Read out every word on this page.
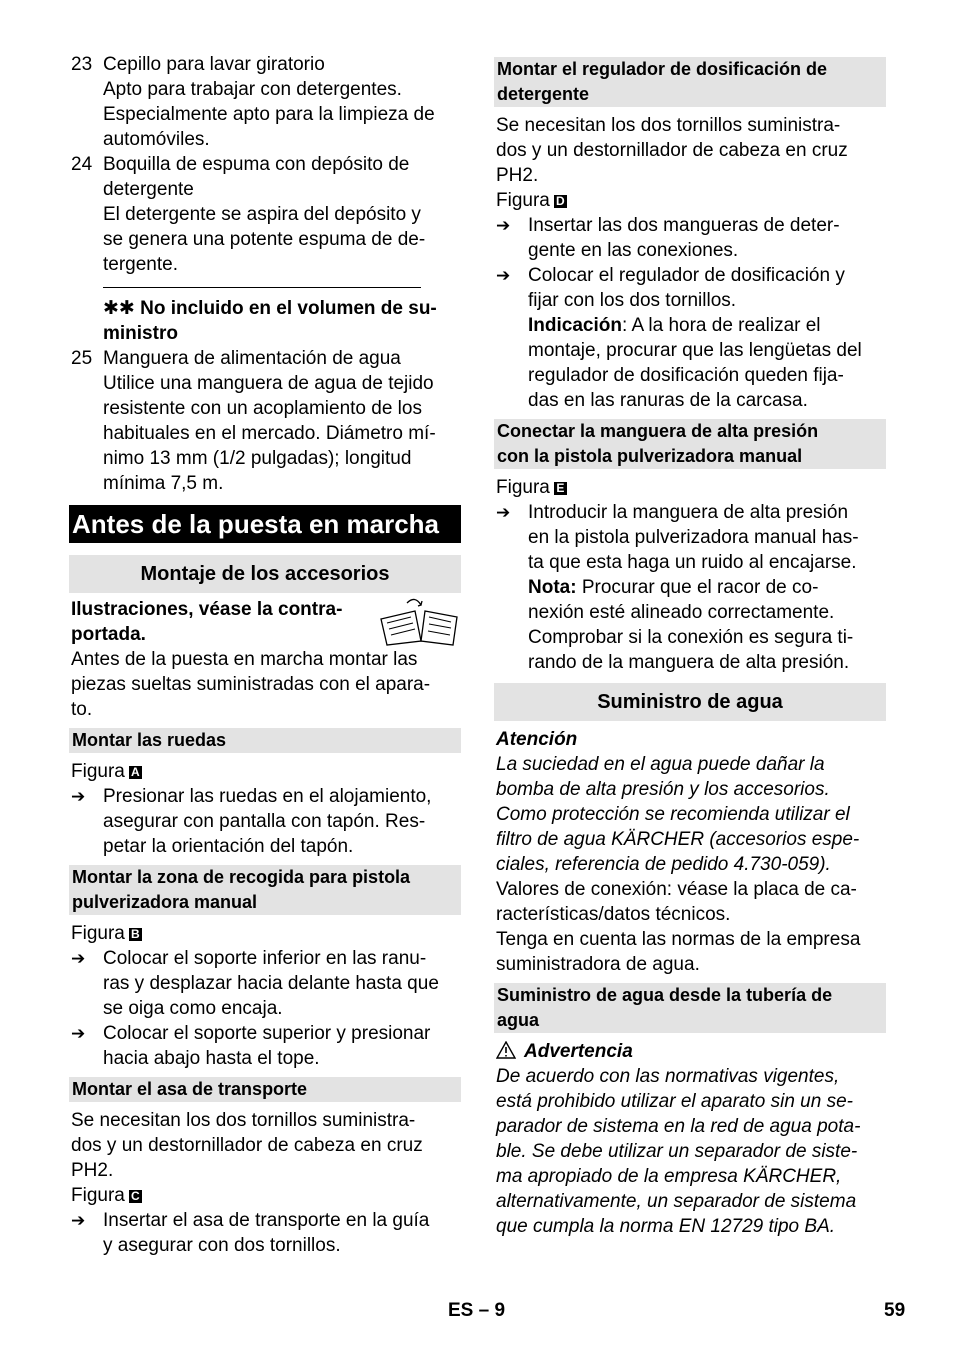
23 Cepillo para lavar giratorio

Apto para trabajar con detergentes.

Especialmente apto para la limpieza de

automóviles.

24 Boquilla de espuma con depósito de

detergente

El detergente se aspira del depósito y

se genera una potente espuma de de-

tergente.

✱✱ No incluido en el volumen de su-

ministro

25 Manguera de alimentación de agua

Utilice una manguera de agua de tejido

resistente con un acoplamiento de los

habituales en el mercado. Diámetro mí-

nimo 13 mm (1/2 pulgadas); longitud

mínima 7,5 m.

Antes de la puesta en marcha
Montaje de los accesorios

Ilustraciones, véase la contra-

portada.

Antes de la puesta en marcha montar las

piezas sueltas suministradas con el apara-

to.

Montar las ruedas

Figura A

➔ Presionar las ruedas en el alojamiento,

asegurar con pantalla con tapón. Res-

petar la orientación del tapón.

Montar la zona de recogida para pistola

pulverizadora manual

Figura B

➔ Colocar el soporte inferior en las ranu-

ras y desplazar hacia delante hasta que

se oiga como encaja.

➔ Colocar el soporte superior y presionar

hacia abajo hasta el tope.

Montar el asa de transporte

Se necesitan los dos tornillos suministra-

dos y un destornillador de cabeza en cruz

PH2.

Figura C

➔ Insertar el asa de transporte en la guía

y asegurar con dos tornillos.

Montar el regulador de dosificación de

detergente

Se necesitan los dos tornillos suministra-

dos y un destornillador de cabeza en cruz

PH2.

Figura D

➔ Insertar las dos mangueras de deter-

gente en las conexiones.

➔ Colocar el regulador de dosificación y

fijar con los dos tornillos.

Indicación: A la hora de realizar el

montaje, procurar que las lengüetas del

regulador de dosificación queden fija-

das en las ranuras de la carcasa.

Conectar la manguera de alta presión

con la pistola pulverizadora manual

Figura E

➔ Introducir la manguera de alta presión

en la pistola pulverizadora manual has-

ta que esta haga un ruido al encajarse.

Nota: Procurar que el racor de co-

nexión esté alineado correctamente.

Comprobar si la conexión es segura ti-

rando de la manguera de alta presión.

Suministro de agua

Atención

La suciedad en el agua puede dañar la

bomba de alta presión y los accesorios.

Como protección se recomienda utilizar el

filtro de agua KÄRCHER (accesorios espe-

ciales, referencia de pedido 4.730-059).

Valores de conexión: véase la placa de ca-

racterísticas/datos técnicos.

Tenga en cuenta las normas de la empresa

suministradora de agua.

Suministro de agua desde la tubería de

agua

Advertencia

De acuerdo con las normativas vigentes,

está prohibido utilizar el aparato sin un se-

parador de sistema en la red de agua pota-

ble. Se debe utilizar un separador de siste-

ma apropiado de la empresa KÄRCHER,

alternativamente, un separador de sistema

que cumpla la norma EN 12729 tipo BA.

ES – 9	59
